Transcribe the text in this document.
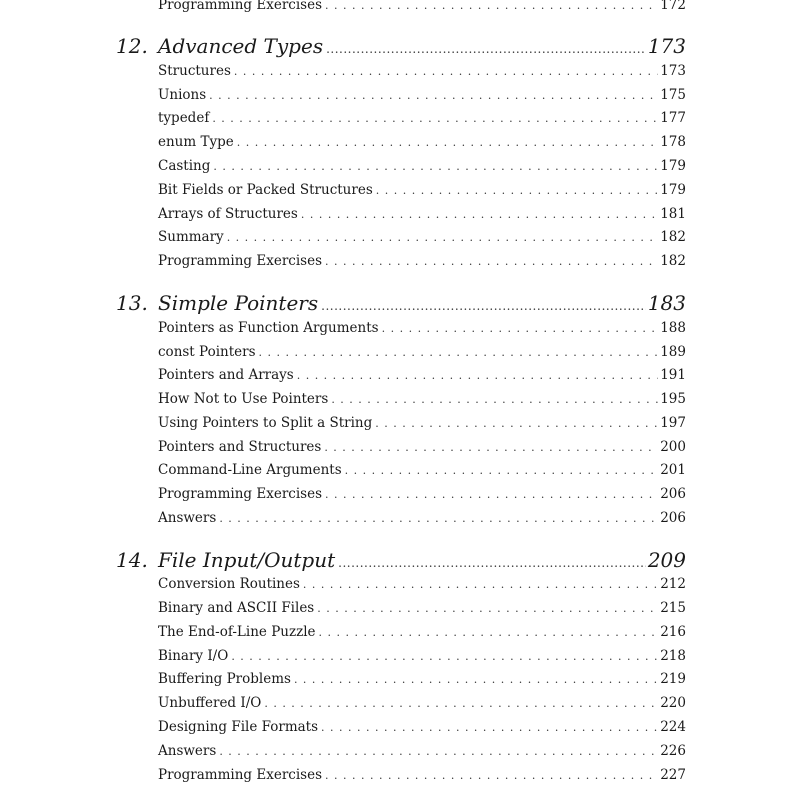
Programming Exercises . . .	172
12. Advanced Types .....	173
Structures . . .	173
Unions . . .	175
typedef . . .	177
enum Type . . .	178
Casting . . .	179
Bit Fields or Packed Structures . . .	179
Arrays of Structures . . .	181
Summary . . .	182
Programming Exercises . . .	182
13. Simple Pointers .....	183
Pointers as Function Arguments . . .	188
const Pointers . . .	189
Pointers and Arrays . . .	191
How Not to Use Pointers . . .	195
Using Pointers to Split a String . . .	197
Pointers and Structures . . .	200
Command-Line Arguments . . .	201
Programming Exercises . . .	206
Answers . . .	206
14. File Input/Output .....	209
Conversion Routines . . .	212
Binary and ASCII Files . . .	215
The End-of-Line Puzzle . . .	216
Binary I/O . . .	218
Buffering Problems . . .	219
Unbuffered I/O . . .	220
Designing File Formats . . .	224
Answers . . .	226
Programming Exercises . . .	227
